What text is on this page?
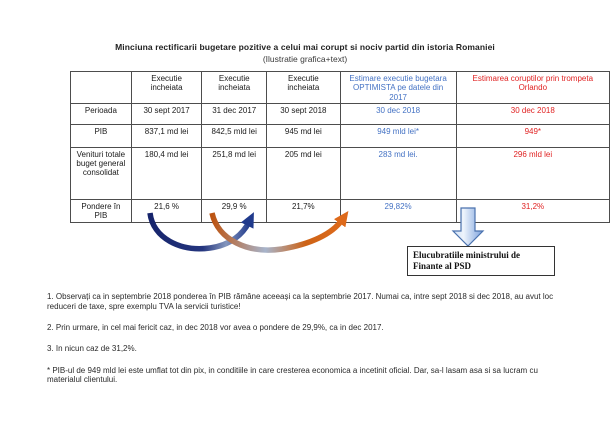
Minciuna rectificarii bugetare pozitive a celui mai corupt si nociv partid din istoria Romaniei
(Ilustratie grafica+text)
	Executie incheiata	Executie incheiata	Executie incheiata	Estimare executie bugetara OPTIMISTA pe datele din 2017	Estimarea coruptilor prin trompeta Orlando
Perioada	30 sept 2017	31 dec 2017	30 sept 2018	30 dec 2018	30 dec 2018
PIB	837,1 md lei	842,5 mld lei	945 md lei	949 mld lei*	949*
Venituri totale buget general consolidat	180,4 md lei	251,8 md lei	205 md lei	283 md lei.	296 mld lei
Pondere în PIB	21,6 %	29,9 %	21,7%	29,82%	31,2%
Elucubratiile ministrului de Finante al PSD

1. Observați ca in septembrie 2018 ponderea în PIB rămâne aceeași ca la septembrie 2017. Numai ca, intre sept 2018 si dec 2018, au avut loc reduceri de taxe, spre exemplu TVA la servicii turistice!

2. Prin urmare, in cel mai fericit caz, in dec 2018 vor avea o pondere de 29,9%, ca in dec 2017.

3. In nicun caz de 31,2%.

* PIB-ul de 949 mld lei este umflat tot din pix, in conditiile in care cresterea economica a incetinit oficial. Dar, sa-l lasam asa si sa lucram cu materialul clientului.
